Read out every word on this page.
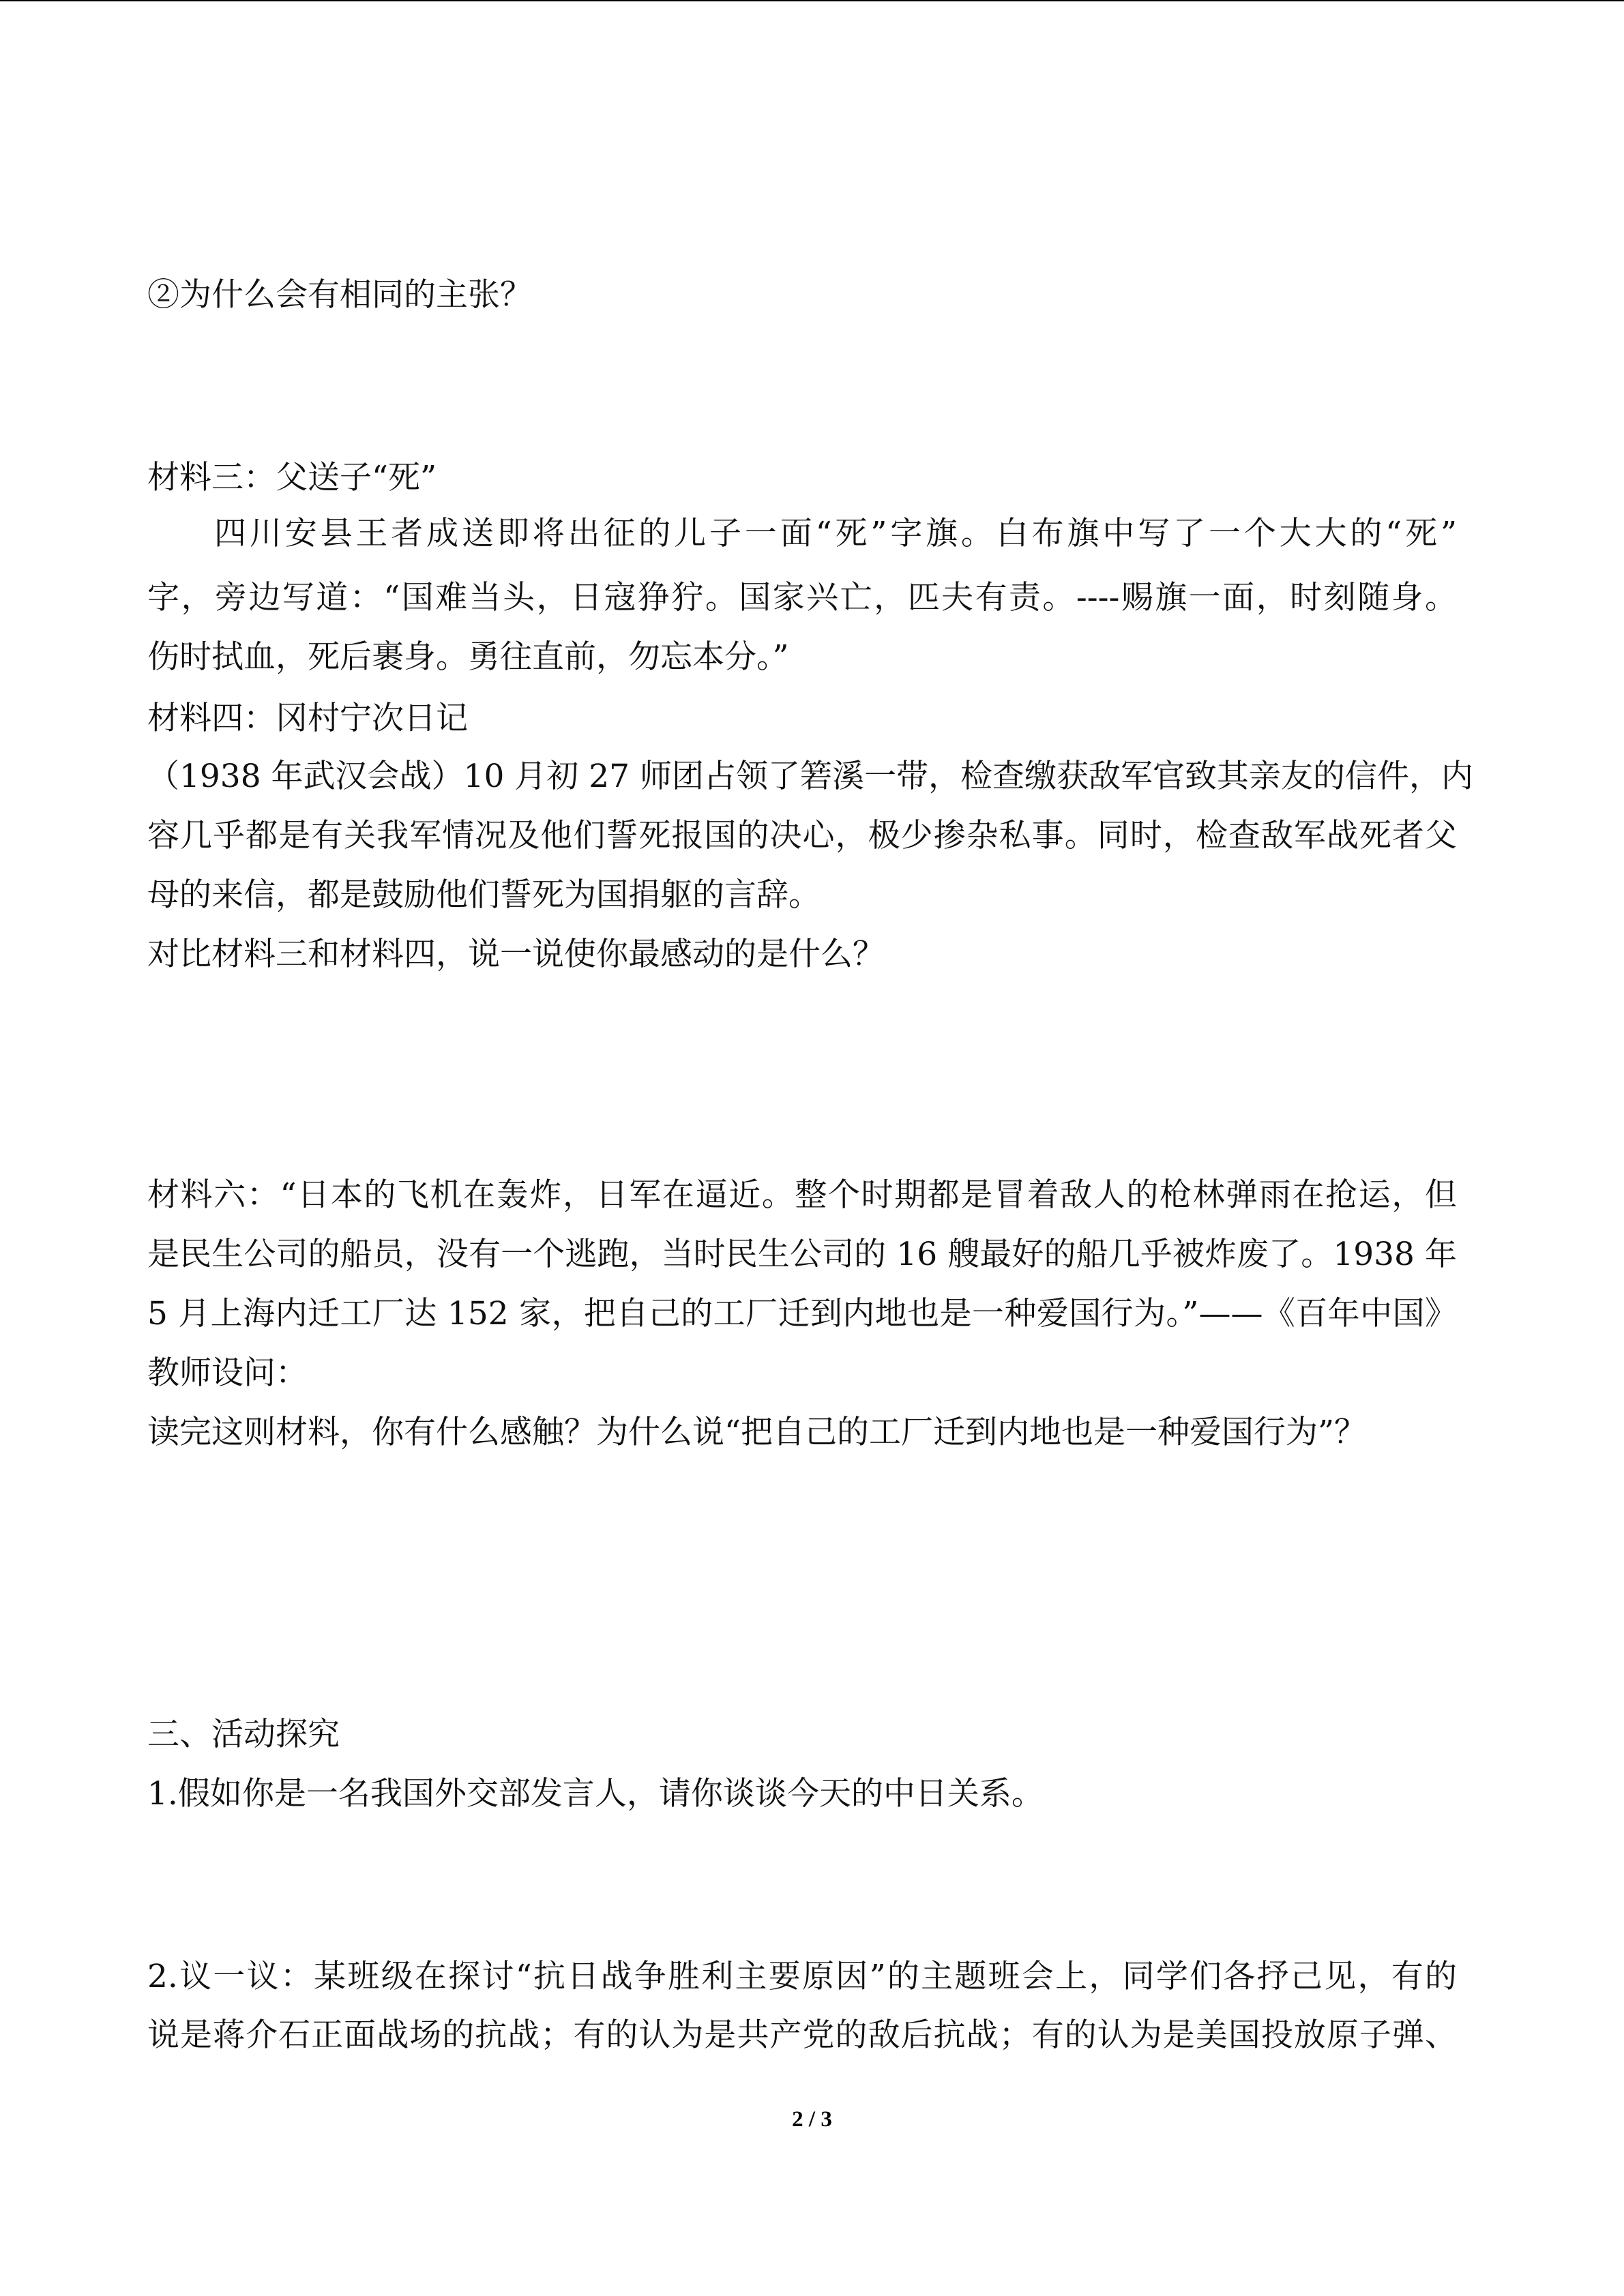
②为什么会有相同的主张？
材料三：父送子“死”
四川安县王者成送即将出征的儿子一面“死”字旗。白布旗中写了一个大大的“死”
字，旁边写道：“国难当头，日寇狰狞。国家兴亡，匹夫有责。----赐旗一面，时刻随身。
伤时拭血，死后裹身。勇往直前，勿忘本分。”
材料四：冈村宁次日记
（1938 年武汉会战）10 月初 27 师团占领了箬溪一带，检查缴获敌军官致其亲友的信件，内
容几乎都是有关我军情况及他们誓死报国的决心，极少掺杂私事。同时，检查敌军战死者父
母的来信，都是鼓励他们誓死为国捐躯的言辞。
对比材料三和材料四，说一说使你最感动的是什么？
材料六：“日本的飞机在轰炸，日军在逼近。整个时期都是冒着敌人的枪林弹雨在抢运，但
是民生公司的船员，没有一个逃跑，当时民生公司的 16 艘最好的船几乎被炸废了。1938 年
5 月上海内迁工厂达 152 家，把自己的工厂迁到内地也是一种爱国行为。”——《百年中国》
教师设问：
读完这则材料，你有什么感触？为什么说“把自己的工厂迁到内地也是一种爱国行为”？
三、活动探究
1.假如你是一名我国外交部发言人，请你谈谈今天的中日关系。
2.议一议：某班级在探讨“抗日战争胜利主要原因”的主题班会上，同学们各抒己见，有的
说是蒋介石正面战场的抗战；有的认为是共产党的敌后抗战；有的认为是美国投放原子弹、
2 / 3
